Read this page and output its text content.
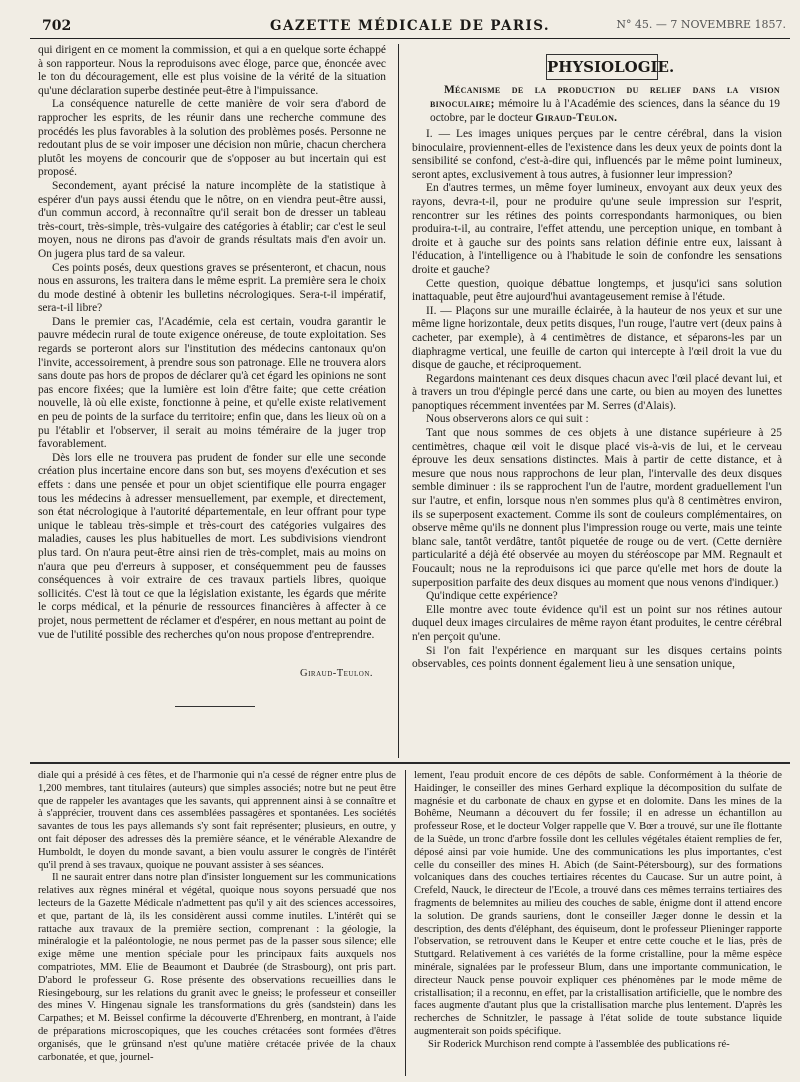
702	GAZETTE MÉDICALE DE PARIS.	N° 45. — 7 NOVEMBRE 1857.

qui dirigent en ce moment la commission, et qui a en quelque sorte échappé à son rapporteur. Nous la reproduisons avec éloge, parce que, énoncée avec le ton du découragement, elle est plus voisine de la vérité de la situation qu'une déclaration superbe destinée peut-être à l'impuissance.

La conséquence naturelle de cette manière de voir sera d'abord de rapprocher les esprits, de les réunir dans une recherche commune des procédés les plus favorables à la solution des problèmes posés. Personne ne redoutant plus de se voir imposer une décision non mûrie, chacun cherchera plutôt les moyens de concourir que de s'opposer au but incertain qui est proposé.

Secondement, ayant précisé la nature incomplète de la statistique à espérer d'un pays aussi étendu que le nôtre, on en viendra peut-être aussi, d'un commun accord, à reconnaître qu'il serait bon de dresser un tableau très-court, très-simple, très-vulgaire des catégories à établir; car c'est le seul moyen, nous ne dirons pas d'avoir de grands résultats mais d'en avoir un. On jugera plus tard de sa valeur.

Ces points posés, deux questions graves se présenteront, et chacun, nous nous en assurons, les traitera dans le même esprit. La première sera le choix du mode destiné à obtenir les bulletins nécrologiques. Sera-t-il impératif, sera-t-il libre?

Dans le premier cas, l'Académie, cela est certain, voudra garantir le pauvre médecin rural de toute exigence onéreuse, de toute exploitation. Ses regards se porteront alors sur l'institution des médecins cantonaux qu'on l'invite, accessoirement, à prendre sous son patronage. Elle ne trouvera alors sans doute pas hors de propos de déclarer qu'à cet égard les opinions ne sont pas encore fixées; que la lumière est loin d'être faite; que cette création nouvelle, là où elle existe, fonctionne à peine, et qu'elle existe relativement en peu de points de la surface du territoire; enfin que, dans les lieux où on a pu l'établir et l'observer, il serait au moins téméraire de la juger trop favorablement.

Dès lors elle ne trouvera pas prudent de fonder sur elle une seconde création plus incertaine encore dans son but, ses moyens d'exécution et ses effets : dans une pensée et pour un objet scientifique elle pourra engager tous les médecins à adresser mensuellement, par exemple, et directement, son état nécrologique à l'autorité départementale, en leur offrant pour type unique le tableau très-simple et très-court des catégories vulgaires des maladies, causes les plus habituelles de mort. Les subdivisions viendront plus tard. On n'aura peut-être ainsi rien de très-complet, mais au moins on n'aura que peu d'erreurs à supposer, et conséquemment peu de fausses conséquences à voir extraire de ces travaux partiels libres, quoique sollicités. C'est là tout ce que la législation existante, les égards que mérite le corps médical, et la pénurie de ressources financières à affecter à ce projet, nous permettent de réclamer et d'espérer, en nous mettant au point de vue de l'utilité possible des recherches qu'on nous propose d'entreprendre.

Giraud-Teulon.
PHYSIOLOGIE.
Mécanisme de la production du relief dans la vision binoculaire; mémoire lu à l'Académie des sciences, dans la séance du 19 octobre, par le docteur Giraud-Teulon.

I. — Les images uniques perçues par le centre cérébral, dans la vision binoculaire, proviennent-elles de l'existence dans les deux yeux de points dont la sensibilité se confond, c'est-à-dire qui, influencés par le même point lumineux, seront aptes, exclusivement à tous autres, à fusionner leur impression?

En d'autres termes, un même foyer lumineux, envoyant aux deux yeux des rayons, devra-t-il, pour ne produire qu'une seule impression sur l'esprit, rencontrer sur les rétines des points correspondants harmoniques, ou bien produira-t-il, au contraire, l'effet attendu, une perception unique, en tombant à droite et à gauche sur des points sans relation définie entre eux, laissant à l'éducation, à l'intelligence ou à l'habitude le soin de confondre les sensations droite et gauche?

Cette question, quoique débattue longtemps, et jusqu'ici sans solution inattaquable, peut être aujourd'hui avantageusement remise à l'étude.

II. — Plaçons sur une muraille éclairée, à la hauteur de nos yeux et sur une même ligne horizontale, deux petits disques, l'un rouge, l'autre vert (deux pains à cacheter, par exemple), à 4 centimètres de distance, et séparons-les par un diaphragme vertical, une feuille de carton qui intercepte à l'œil droit la vue du disque de gauche, et réciproquement.

Regardons maintenant ces deux disques chacun avec l'œil placé devant lui, et à travers un trou d'épingle percé dans une carte, ou bien au moyen des lunettes panoptiques récemment inventées par M. Serres (d'Alais).

Nous observerons alors ce qui suit :

Tant que nous sommes de ces objets à une distance supérieure à 25 centimètres, chaque œil voit le disque placé vis-à-vis de lui, et le cerveau éprouve les deux sensations distinctes. Mais à partir de cette distance, et à mesure que nous nous rapprochons de leur plan, l'intervalle des deux disques semble diminuer : ils se rapprochent l'un de l'autre, mordent graduellement l'un sur l'autre, et enfin, lorsque nous n'en sommes plus qu'à 8 centimètres environ, ils se superposent exactement. Comme ils sont de couleurs complémentaires, on observe même qu'ils ne donnent plus l'impression rouge ou verte, mais une teinte blanc sale, tantôt verdâtre, tantôt piquetée de rouge ou de vert. (Cette dernière particularité a déjà été observée au moyen du stéréoscope par MM. Regnault et Foucault; nous ne la reproduisons ici que parce qu'elle met hors de doute la superposition parfaite des deux disques au moment que nous venons d'indiquer.)

Qu'indique cette expérience?

Elle montre avec toute évidence qu'il est un point sur nos rétines autour duquel deux images circulaires de même rayon étant produites, le centre cérébral n'en perçoit qu'une.

Si l'on fait l'expérience en marquant sur les disques certains points observables, ces points donnent également lieu à une sensation unique,

diale qui a présidé à ces fêtes, et de l'harmonie qui n'a cessé de régner entre plus de 1,200 membres, tant titulaires (auteurs) que simples associés; notre but ne peut être que de rappeler les avantages que les savants, qui apprennent ainsi à se connaître et à s'apprécier, trouvent dans ces assemblées passagères et spontanées. Les sociétés savantes de tous les pays allemands s'y sont fait représenter; plusieurs, en outre, y ont fait déposer des adresses dès la première séance, et le vénérable Alexandre de Humboldt, le doyen du monde savant, a bien voulu assurer le congrès de l'intérêt qu'il prend à ses travaux, quoique ne pouvant assister à ses séances.

Il ne saurait entrer dans notre plan d'insister longuement sur les communications relatives aux règnes minéral et végétal, quoique nous soyons persuadé que nos lecteurs de la Gazette Médicale n'admettent pas qu'il y ait des sciences accessoires, et que, partant de là, ils les considèrent aussi comme inutiles. L'intérêt qui se rattache aux travaux de la première section, comprenant : la géologie, la minéralogie et la paléontologie, ne nous permet pas de la passer sous silence; elle exige même une mention spéciale pour les principaux faits auxquels nos compatriotes, MM. Elie de Beaumont et Daubrée (de Strasbourg), ont pris part. D'abord le professeur G. Rose présente des observations recueillies dans le Riesingebourg, sur les relations du granit avec le gneiss; le professeur et conseiller des mines V. Hingenau signale les transformations du grès (sandstein) dans les Carpathes; et M. Beissel confirme la découverte d'Ehrenberg, en montrant, à l'aide de préparations microscopiques, que les couches crétacées sont formées d'êtres organisés, que le grünsand n'est qu'une matière crétacée privée de la chaux carbonatée, et que, journel-

lement, l'eau produit encore de ces dépôts de sable. Conformément à la théorie de Haidinger, le conseiller des mines Gerhard explique la décomposition du sulfate de magnésie et du carbonate de chaux en gypse et en dolomite. Dans les mines de la Bohême, Neumann a découvert du fer fossile; il en adresse un échantillon au professeur Rose, et le docteur Volger rappelle que V. Bœr a trouvé, sur une île flottante de la Suède, un tronc d'arbre fossile dont les cellules végétales étaient remplies de fer, déposé ainsi par voie humide. Une des communications les plus importantes, c'est celle du conseiller des mines H. Abich (de Saint-Pétersbourg), sur des formations volcaniques dans des couches tertiaires récentes du Caucase. Sur un autre point, à Crefeld, Nauck, le directeur de l'Ecole, a trouvé dans ces mêmes terrains tertiaires des fragments de belemnites au milieu des couches de sable, énigme dont il attend encore la solution. De grands sauriens, dont le conseiller Jæger donne le dessin et la description, des dents d'éléphant, des équiseum, dont le professeur Plieninger rapporte l'observation, se retrouvent dans le Keuper et entre cette couche et le lias, près de Stuttgard. Relativement à ces variétés de la forme cristalline, pour la même espèce minérale, signalées par le professeur Blum, dans une importante communication, le directeur Nauck pense pouvoir expliquer ces phénomènes par le mode même de cristallisation; il a reconnu, en effet, par la cristallisation artificielle, que le nombre des faces augmente d'autant plus que la cristallisation marche plus lentement. D'après les recherches de Schnitzler, le passage à l'état solide de toute substance liquide augmenterait son poids spécifique.

Sir Roderick Murchison rend compte à l'assemblée des publications ré-
